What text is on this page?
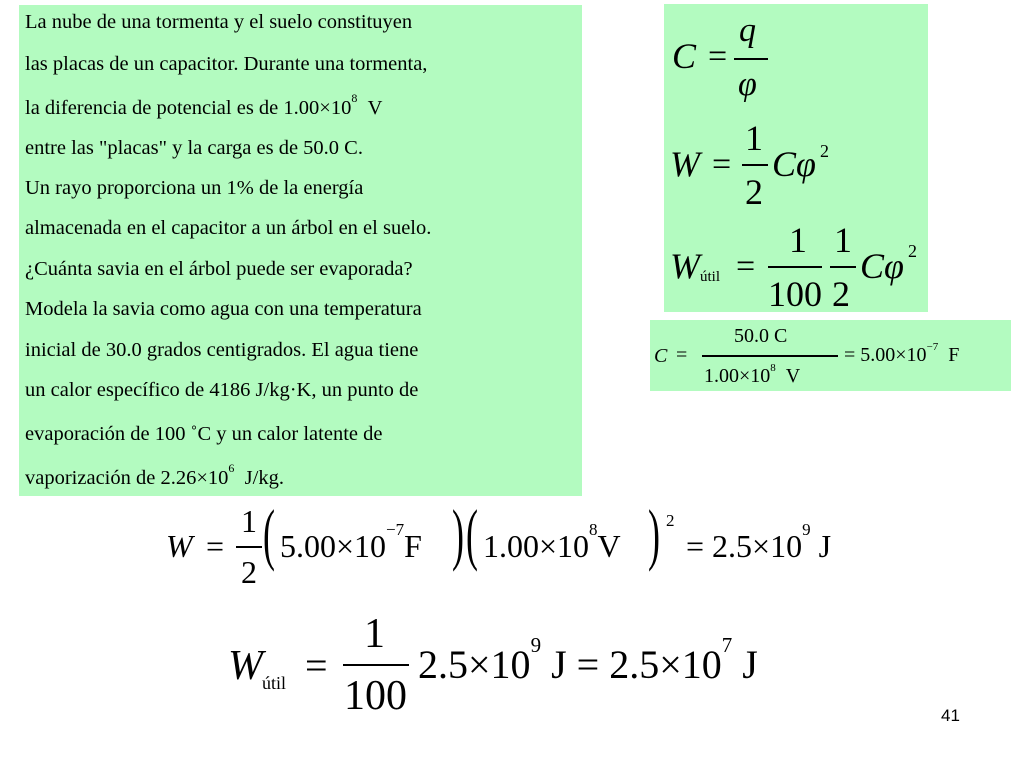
La nube de una tormenta y el suelo constituyen
las placas de un capacitor. Durante una tormenta,
la diferencia de potencial es de $1.00\times 10^8$ V
entre las "placas" y la carga es de 50.0 C.
Un rayo proporciona un 1% de la energía
almacenada en el capacitor a un árbol en el suelo.
¿Cuánta savia en el árbol puede ser evaporada?
Modela la savia como agua con una temperatura
inicial de 30.0 grados centigrados. El agua tiene
un calor específico de 4186 J/kg·K, un punto de
evaporación de 100 ˚C y un calor latente de
vaporización de $2.26\times 10^6$ J/kg.
C =
q
φ
W =
1
2
Cφ 2
W útil =
1
100
1
2
Cφ 2
C =
50.0 C
$1.00\times 10^8$ V
= $5.00\times 10^{-7}$ F
W =
1
2 ( $5.00\times 10^{-7}F$ ) ( $1.00\times 10^8V$ ) 2
= $2.5\times 10^9$ J
W útil =
1
100
$2.5\times 10^9$ $J = 2.5\times 10^7$ J
41
